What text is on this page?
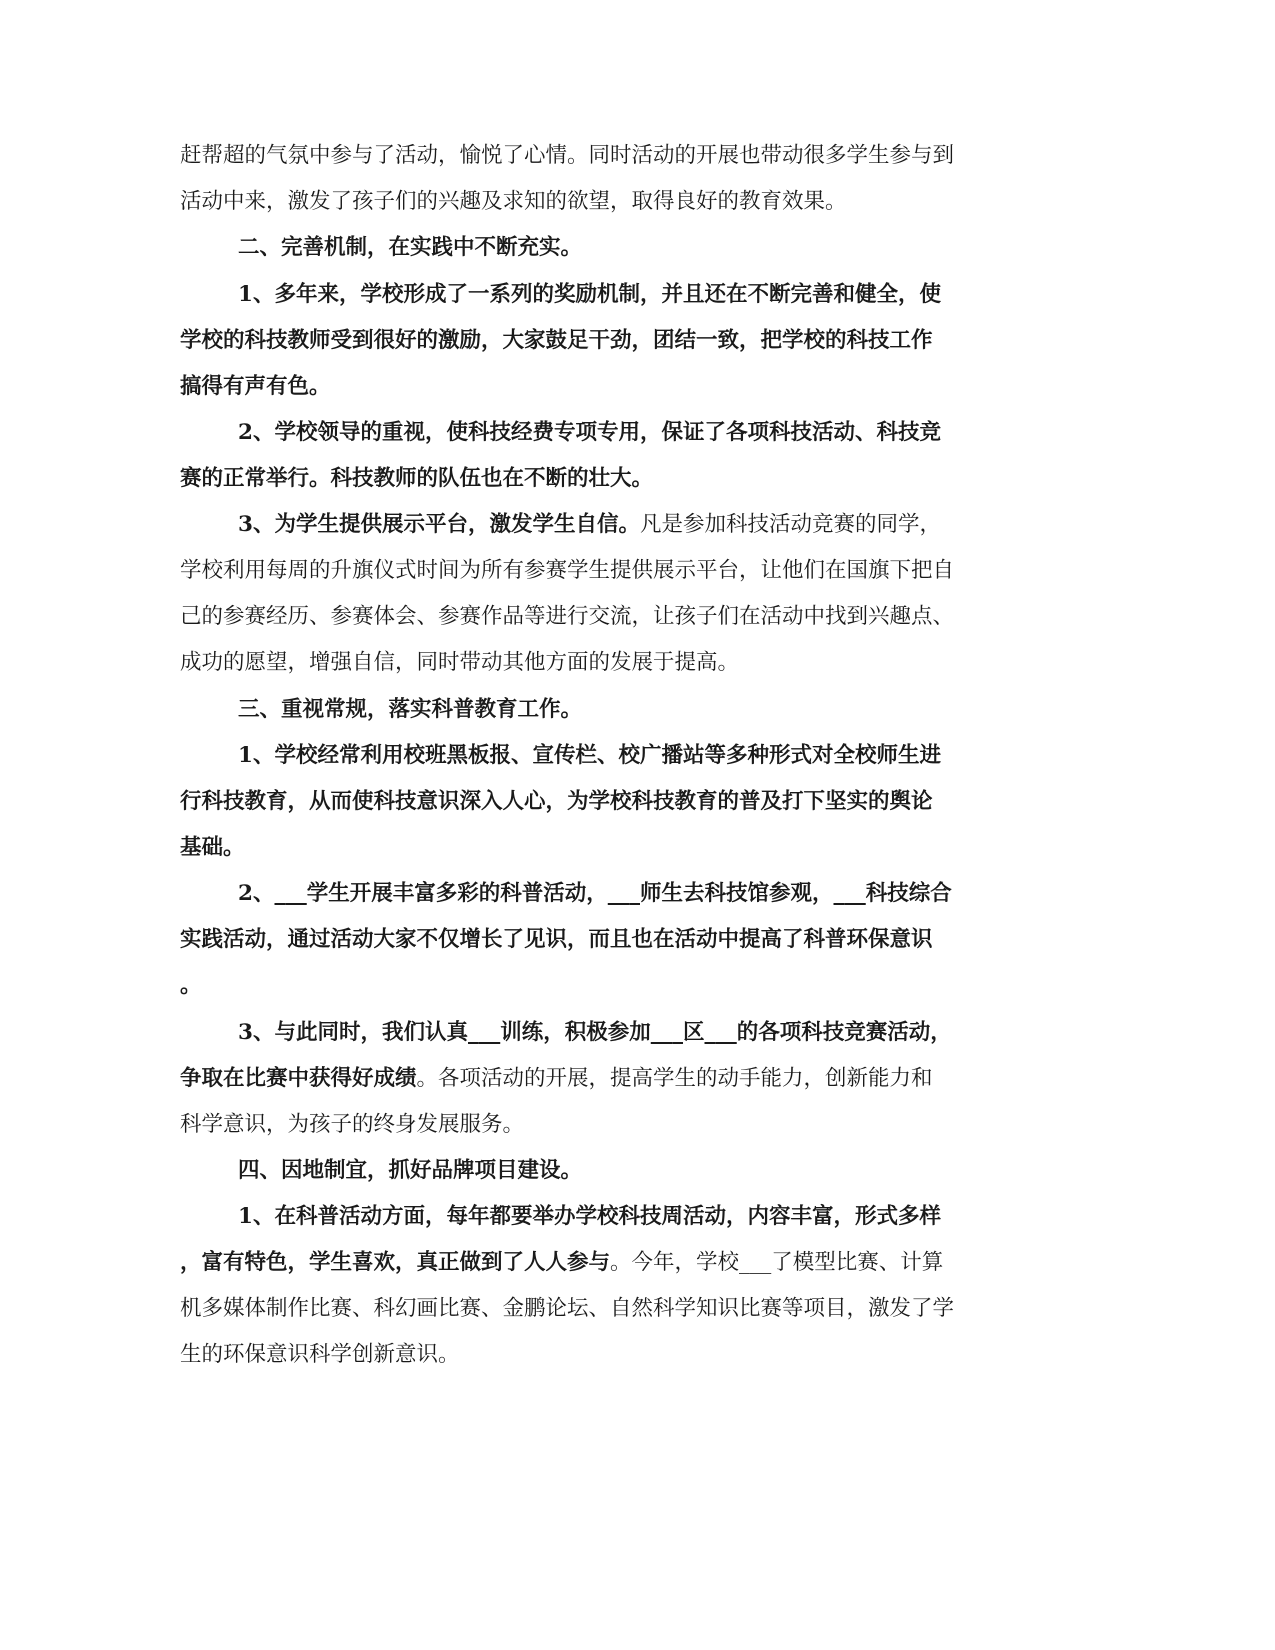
赶帮超的气氛中参与了活动，愉悦了心情。同时活动的开展也带动很多学生参与到
活动中来，激发了孩子们的兴趣及求知的欲望，取得良好的教育效果。
二、完善机制，在实践中不断充实。
1、多年来，学校形成了一系列的奖励机制，并且还在不断完善和健全，使
学校的科技教师受到很好的激励，大家鼓足干劲，团结一致，把学校的科技工作
搞得有声有色。
2、学校领导的重视，使科技经费专项专用，保证了各项科技活动、科技竞
赛的正常举行。科技教师的队伍也在不断的壮大。
3、为学生提供展示平台，激发学生自信。凡是参加科技活动竞赛的同学，
学校利用每周的升旗仪式时间为所有参赛学生提供展示平台，让他们在国旗下把自
己的参赛经历、参赛体会、参赛作品等进行交流，让孩子们在活动中找到兴趣点、
成功的愿望，增强自信，同时带动其他方面的发展于提高。
三、重视常规，落实科普教育工作。
1、学校经常利用校班黑板报、宣传栏、校广播站等多种形式对全校师生进
行科技教育，从而使科技意识深入人心，为学校科技教育的普及打下坚实的舆论
基础。
2、___学生开展丰富多彩的科普活动，___师生去科技馆参观，___科技综合
实践活动，通过活动大家不仅增长了见识，而且也在活动中提高了科普环保意识
。
3、与此同时，我们认真___训练，积极参加___区___的各项科技竞赛活动，
争取在比赛中获得好成绩。各项活动的开展，提高学生的动手能力，创新能力和
科学意识，为孩子的终身发展服务。
四、因地制宜，抓好品牌项目建设。
1、在科普活动方面，每年都要举办学校科技周活动，内容丰富，形式多样
，富有特色，学生喜欢，真正做到了人人参与。今年，学校___了模型比赛、计算
机多媒体制作比赛、科幻画比赛、金鹏论坛、自然科学知识比赛等项目，激发了学
生的环保意识科学创新意识。
